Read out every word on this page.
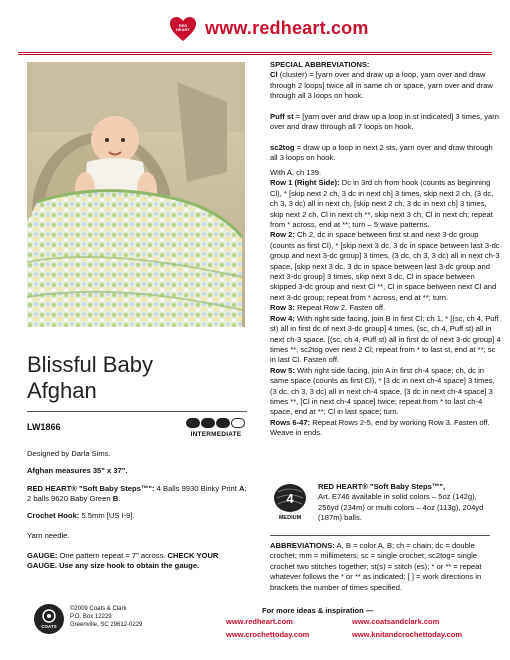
RED
HEART www.redheart.com
Blissful Baby
Afghan
LW1866
INTERMEDIATE
Designed by Darla Sims.
Afghan measures 35" x 37".
RED HEART® "Soft Baby Steps™": 4 Balls 9930 Binky Print A; 2 balls 9620 Baby Green B.
Crochet Hook: 5.5mm [US I-9].
Yarn needle.
GAUGE: One pattern repeat = 7" across. CHECK YOUR GAUGE. Use any size hook to obtain the gauge.
COATS
©2009 Coats & Clark
P.O. Box 12229
Greenville, SC 29612-0229
For more ideas & inspiration —
www.redheart.com	www.coatsandclark.com
www.crochettoday.com	www.knitandcrochettoday.com
SPECIAL ABBREVIATIONS:
Cl (cluster) = [yarn over and draw up a loop, yarn over and draw through 2 loops] twice all in same ch or space, yarn over and draw through all 3 loops on hook.
Puff st = [yarn over and draw up a loop in st indicated] 3 times, yarn over and draw through all 7 loops on hook.
sc2tog = draw up a loop in next 2 sts, yarn over and draw through all 3 loops on hook.
With A, ch 139.
Row 1 (Right Side): Dc in 3rd ch from hook (counts as beginning Cl), * [skip next 2 ch, 3 dc in next ch] 3 times, skip next 2 ch, (3 dc, ch 3, 3 dc) all in next ch, [skip next 2 ch, 3 dc in next ch] 3 times, skip next 2 ch, Cl in next ch **, skip next 3 ch, Cl in next ch; repeat from * across, end at **; turn – 5 wave patterns.
Row 2: Ch 2, dc in space between first st and next 3-dc group (counts as first Cl), * [skip next 3 dc, 3 dc in space between last 3-dc group and next 3-dc group] 3 times, (3 dc, ch 3, 3 dc) all in next ch-3 space, [skip next 3 dc, 3 dc in space between last 3-dc group and next 3-dc group] 3 times, skip next 3 dc, Cl in space between skipped 3-dc group and next Cl **, Cl in space between next Cl and next 3-dc group; repeat from * across, end at **; turn.
Row 3: Repeat Row 2. Fasten off.
Row 4: With right side facing, join B in first Cl; ch 1, * [(sc, ch 4, Puff st) all in first dc of next 3-dc group] 4 times, (sc, ch 4, Puff st) all in next ch-3 space, [(sc, ch 4, Puff st) all in first dc of next 3-dc group] 4 times **, sc2tog over next 2 Cl; repeat from * to last st, end at **; sc in last Cl. Fasten off.
Row 5: With right side facing, join A in first ch-4 space; ch, dc in same space (counts as first Cl), * [3 dc in next ch-4 space] 3 times, (3 dc, ch 3, 3 dc) all in next ch-4 space, [3 dc in next ch-4 space] 3 times **, [Cl in next ch-4 space] twice; repeat from * to last ch-4 space, end at **; Cl in last space; turn.
Rows 6-47: Repeat Rows 2-5, end by working Row 3. Fasten off. Weave in ends.
4
MEDIUM
RED HEART® "Soft Baby Steps™",
Art. E746 available in solid colors – 5oz (142g), 256yd (234m) or multi colors – 4oz (113g), 204yd (187m) balls.
ABBREVIATIONS: A, B = color A, B; ch = chain; dc = double crochet; mm = millimeters; sc = single crochet; sc2tog= single crochet two stitches together; st(s) = stitch (es); * or ** = repeat whatever follows the * or ** as indicated; [ ] = work directions in brackets the number of times specified.
